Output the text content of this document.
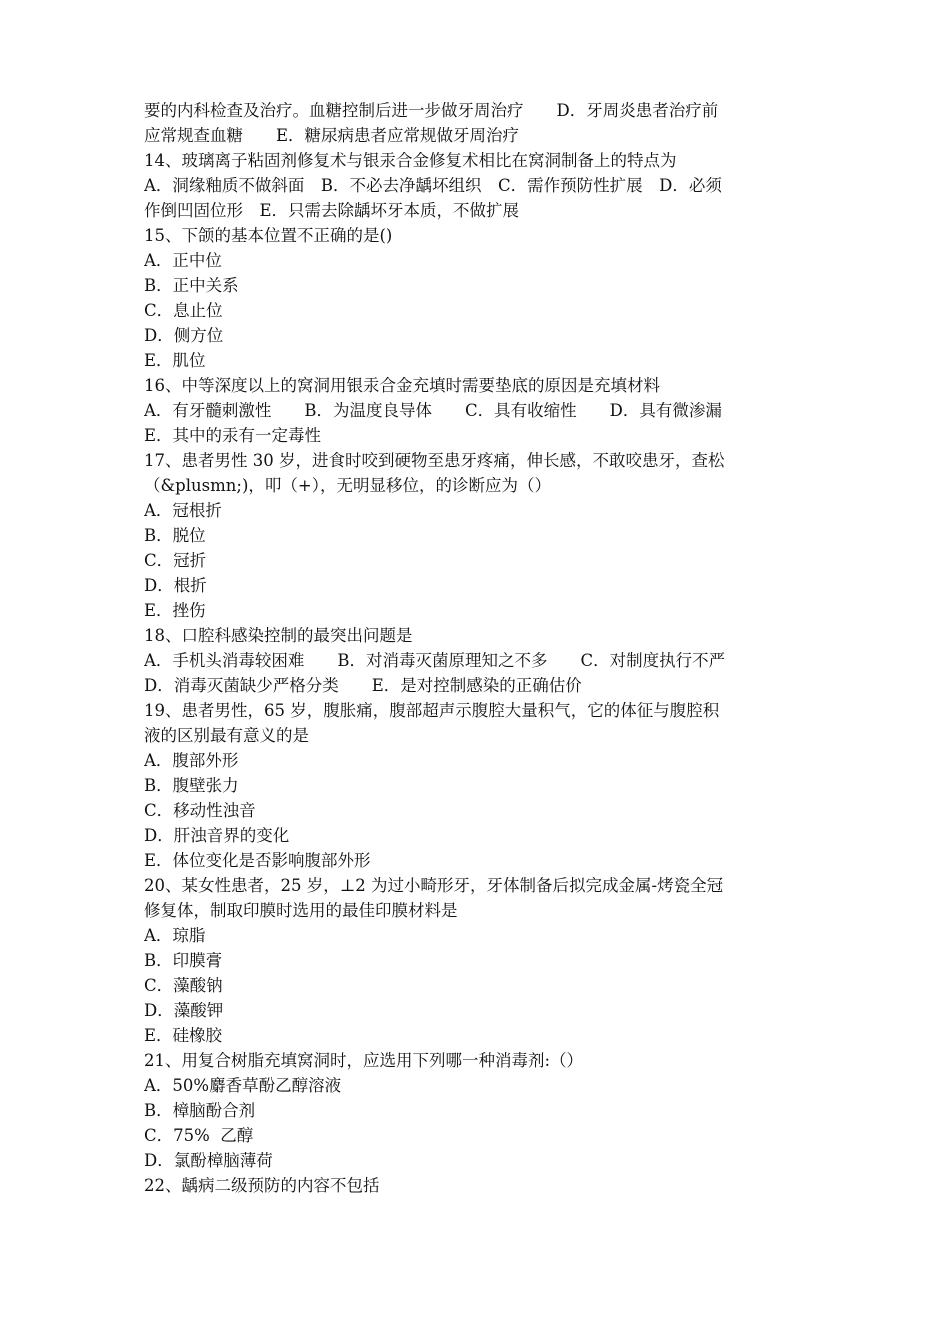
要的内科检查及治疗。血糖控制后进一步做牙周治疗　　D．牙周炎患者治疗前
应常规查血糖　　E．糖尿病患者应常规做牙周治疗
14、玻璃离子粘固剂修复术与银汞合金修复术相比在窝洞制备上的特点为
A．洞缘釉质不做斜面　B．不必去净龋坏组织　C．需作预防性扩展　D．必须
作倒凹固位形　E．只需去除龋坏牙本质，不做扩展
15、下颌的基本位置不正确的是()
A．正中位
B．正中关系
C．息止位
D．侧方位
E．肌位
16、中等深度以上的窝洞用银汞合金充填时需要垫底的原因是充填材料
A．有牙髓刺激性　　B．为温度良导体　　C．具有收缩性　　D．具有微渗漏
E．其中的汞有一定毒性
17、患者男性 30 岁，进食时咬到硬物至患牙疼痛，伸长感，不敢咬患牙，查松
（&plusmn;)，叩（+），无明显移位，的诊断应为（）
A．冠根折
B．脱位
C．冠折
D．根折
E．挫伤
18、口腔科感染控制的最突出问题是
A．手机头消毒较困难　　B．对消毒灭菌原理知之不多　　C．对制度执行不严
D．消毒灭菌缺少严格分类　　E．是对控制感染的正确估价
19、患者男性，65 岁，腹胀痛，腹部超声示腹腔大量积气，它的体征与腹腔积
液的区别最有意义的是
A．腹部外形
B．腹壁张力
C．移动性浊音
D．肝浊音界的变化
E．体位变化是否影响腹部外形
20、某女性患者，25 岁，⊥2 为过小畸形牙，牙体制备后拟完成金属-烤瓷全冠
修复体，制取印膜时选用的最佳印膜材料是
A．琼脂
B．印膜膏
C．藻酸钠
D．藻酸钾
E．硅橡胶
21、用复合树脂充填窝洞时，应选用下列哪一种消毒剂:（）
A．50%麝香草酚乙醇溶液
B．樟脑酚合剂
C．75%  乙醇
D．氯酚樟脑薄荷
22、龋病二级预防的内容不包括
